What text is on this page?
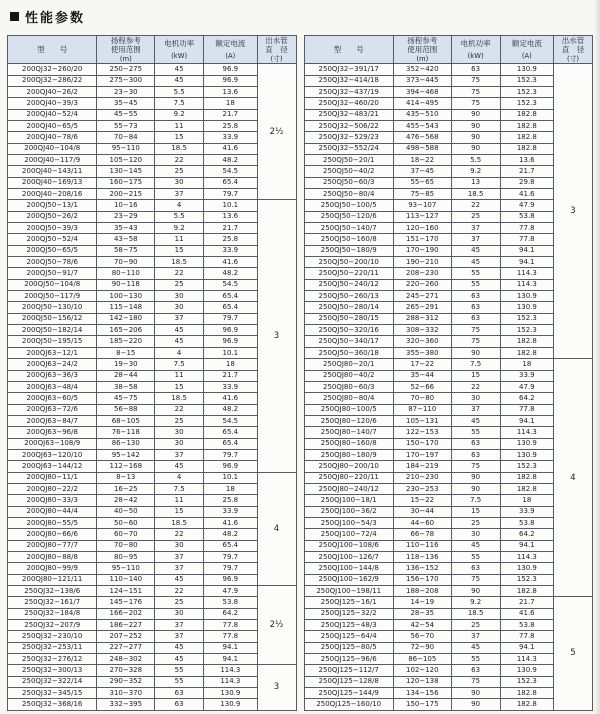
性能参数
型　　号	扬程参考
使用范围
(m)	电机功率
(kW)	额定电流
(A)	出水管
直　径
(寸)

200QJ32−260/20	250−275	45	96.9	2½
200QJ32−286/22	275−300	45	96.9	
200QJ40−26/2	23−30	5.5	13.6	
200QJ40−39/3	35−45	7.5	18	
200QJ40−52/4	45−55	9.2	21.7	
200QJ40−65/5	55−73	11	25.8	
200QJ40−78/6	70−84	15	33.9	
200QJ40−104/8	95−110	18.5	41.6	
200QJ40−117/9	105−120	22	48.2	
200QJ40−143/11	130−145	25	54.5	
200QJ40−169/13	160−175	30	65.4	
200QJ40−208/16	200−215	37	79.7	
200QJ50−13/1	10−16	4	10.1	3
200QJ50−26/2	23−29	5.5	13.6	
200QJ50−39/3	35−43	9.2	21.7	
200QJ50−52/4	43−58	11	25.8	
200QJ50−65/5	58−75	15	33.9	
200QJ50−78/6	70−90	18.5	41.6	
200QJ50−91/7	80−110	22	48.2	
200QJ50−104/8	90−118	25	54.5	
200QJ50−117/9	100−130	30	65.4	
200QJ50−130/10	115−148	30	65.4	
200QJ50−156/12	142−180	37	79.7	
200QJ50−182/14	165−206	45	96.9	
200QJ50−195/15	185−220	45	96.9	
200QJ63−12/1	8−15	4	10.1	
200QJ63−24/2	19−30	7.5	18	
200QJ63−36/3	28−44	11	21.7	
200QJ63−48/4	38−58	15	33.9	
200QJ63−60/5	45−75	18.5	41.6	
200QJ63−72/6	56−88	22	48.2	
200QJ63−84/7	68−105	25	54.5	
200QJ63−96/8	76−118	30	65.4	
200QJ63−108/9	86−130	30	65.4	
200QJ63−120/10	95−142	37	79.7	
200QJ63−144/12	112−168	45	96.9	
200QJ80−11/1	8−13	4	10.1	4
200QJ80−22/2	16−25	7.5	18	
200QJ80−33/3	28−42	11	25.8	
200QJ80−44/4	40−50	15	33.9	
200QJ80−55/5	50−60	18.5	41.6	
200QJ80−66/6	60−70	22	48.2	
200QJ80−77/7	70−80	30	65.4	
200QJ80−88/8	80−95	37	79.7	
200QJ80−99/9	95−110	37	79.7	
200QJ80−121/11	110−140	45	96.9	
250QJ32−138/6	124−151	22	47.9	2½
250QJ32−161/7	145−176	25	53.8	
250QJ32−184/8	166−202	30	64.2	
250QJ32−207/9	186−227	37	77.8	
250QJ32−230/10	207−252	37	77.8	
250QJ32−253/11	227−277	45	94.1	
250QJ32−276/12	248−302	45	94.1	
250QJ32−300/13	270−328	55	114.3	3
250QJ32−322/14	290−352	55	114.3	
250QJ32−345/15	310−370	63	130.9	
250QJ32−368/16	332−395	63	130.9	
型　　号	扬程参考
使用范围
(m)	电机功率
(kW)	额定电流
(A)	出水管
直　径
(寸)

250QJ32−391/17	352−420	63	130.9	3
250QJ32−414/18	373−445	75	152.3	
250QJ32−437/19	394−468	75	152.3	
250QJ32−460/20	414−495	75	152.3	
250QJ32−483/21	435−510	90	182.8	
250QJ32−506/22	455−543	90	182.8	
250QJ32−529/23	476−568	90	182.8	
250QJ32−552/24	498−588	90	182.8	
250QJ50−20/1	18−22	5.5	13.6	
250QJ50−40/2	37−45	9.2	21.7	
250QJ50−60/3	55−65	13	29.8	
250QJ50−80/4	75−85	18.5	41.6	
250QJ50−100/5	93−107	22	47.9	
250QJ50−120/6	113−127	25	53.8	
250QJ50−140/7	120−160	37	77.8	
250QJ50−160/8	151−170	37	77.8	
250QJ50−180/9	170−190	45	94.1	
250QJ50−200/10	190−210	45	94.1	
250QJ50−220/11	208−230	55	114.3	
250QJ50−240/12	220−260	55	114.3	
250QJ50−260/13	245−271	63	130.9	
250QJ50−280/14	265−291	63	130.9	
250QJ50−280/15	288−312	63	152.3	
250QJ50−320/16	308−332	75	152.3	
250QJ50−340/17	320−360	75	182.8	
250QJ50−360/18	355−380	90	182.8	
250QJ80−20/1	17−22	7.5	18	4
250QJ80−40/2	35−44	15	33.9	
250QJ80−60/3	52−66	22	47.9	
250QJ80−80/4	70−80	30	64.2	
250QJ80−100/5	87−110	37	77.8	
250QJ80−120/6	105−131	45	94.1	
250QJ80−140/7	122−153	55	114.3	
250QJ80−160/8	150−170	63	130.9	
250QJ80−180/9	170−197	63	130.9	
250QJ80−200/10	184−219	75	152.3	
250QJ80−220/11	210−230	90	182.8	
250QJ80−240/12	230−253	90	182.8	
250QJ100−18/1	15−22	7.5	18	
250QJ100−36/2	30−44	15	33.9	
250QJ100−54/3	44−60	25	53.8	
250QJ100−72/4	66−78	30	64.2	
250QJ100−108/6	110−116	45	94.1	
250QJ100−126/7	118−136	55	114.3	
250QJ100−144/8	136−152	63	130.9	
250QJ100−162/9	156−170	75	152.3	
250QJ100−198/11	188−208	90	182.8	
250QJ125−16/1	14−19	9.2	21.7	5
250QJ125−32/2	28−35	18.5	41.6	
250QJ125−48/3	42−54	25	53.8	
250QJ125−64/4	56−70	37	77.8	
250QJ125−80/5	72−90	45	94.1	
250QJ125−96/6	86−105	55	114.3	
250QJ125−112/7	102−120	63	130.9	
250QJ125−128/8	120−138	75	152.3	
250QJ125−144/9	134−156	90	182.8	
250QJ125−160/10	150−175	90	182.8	
